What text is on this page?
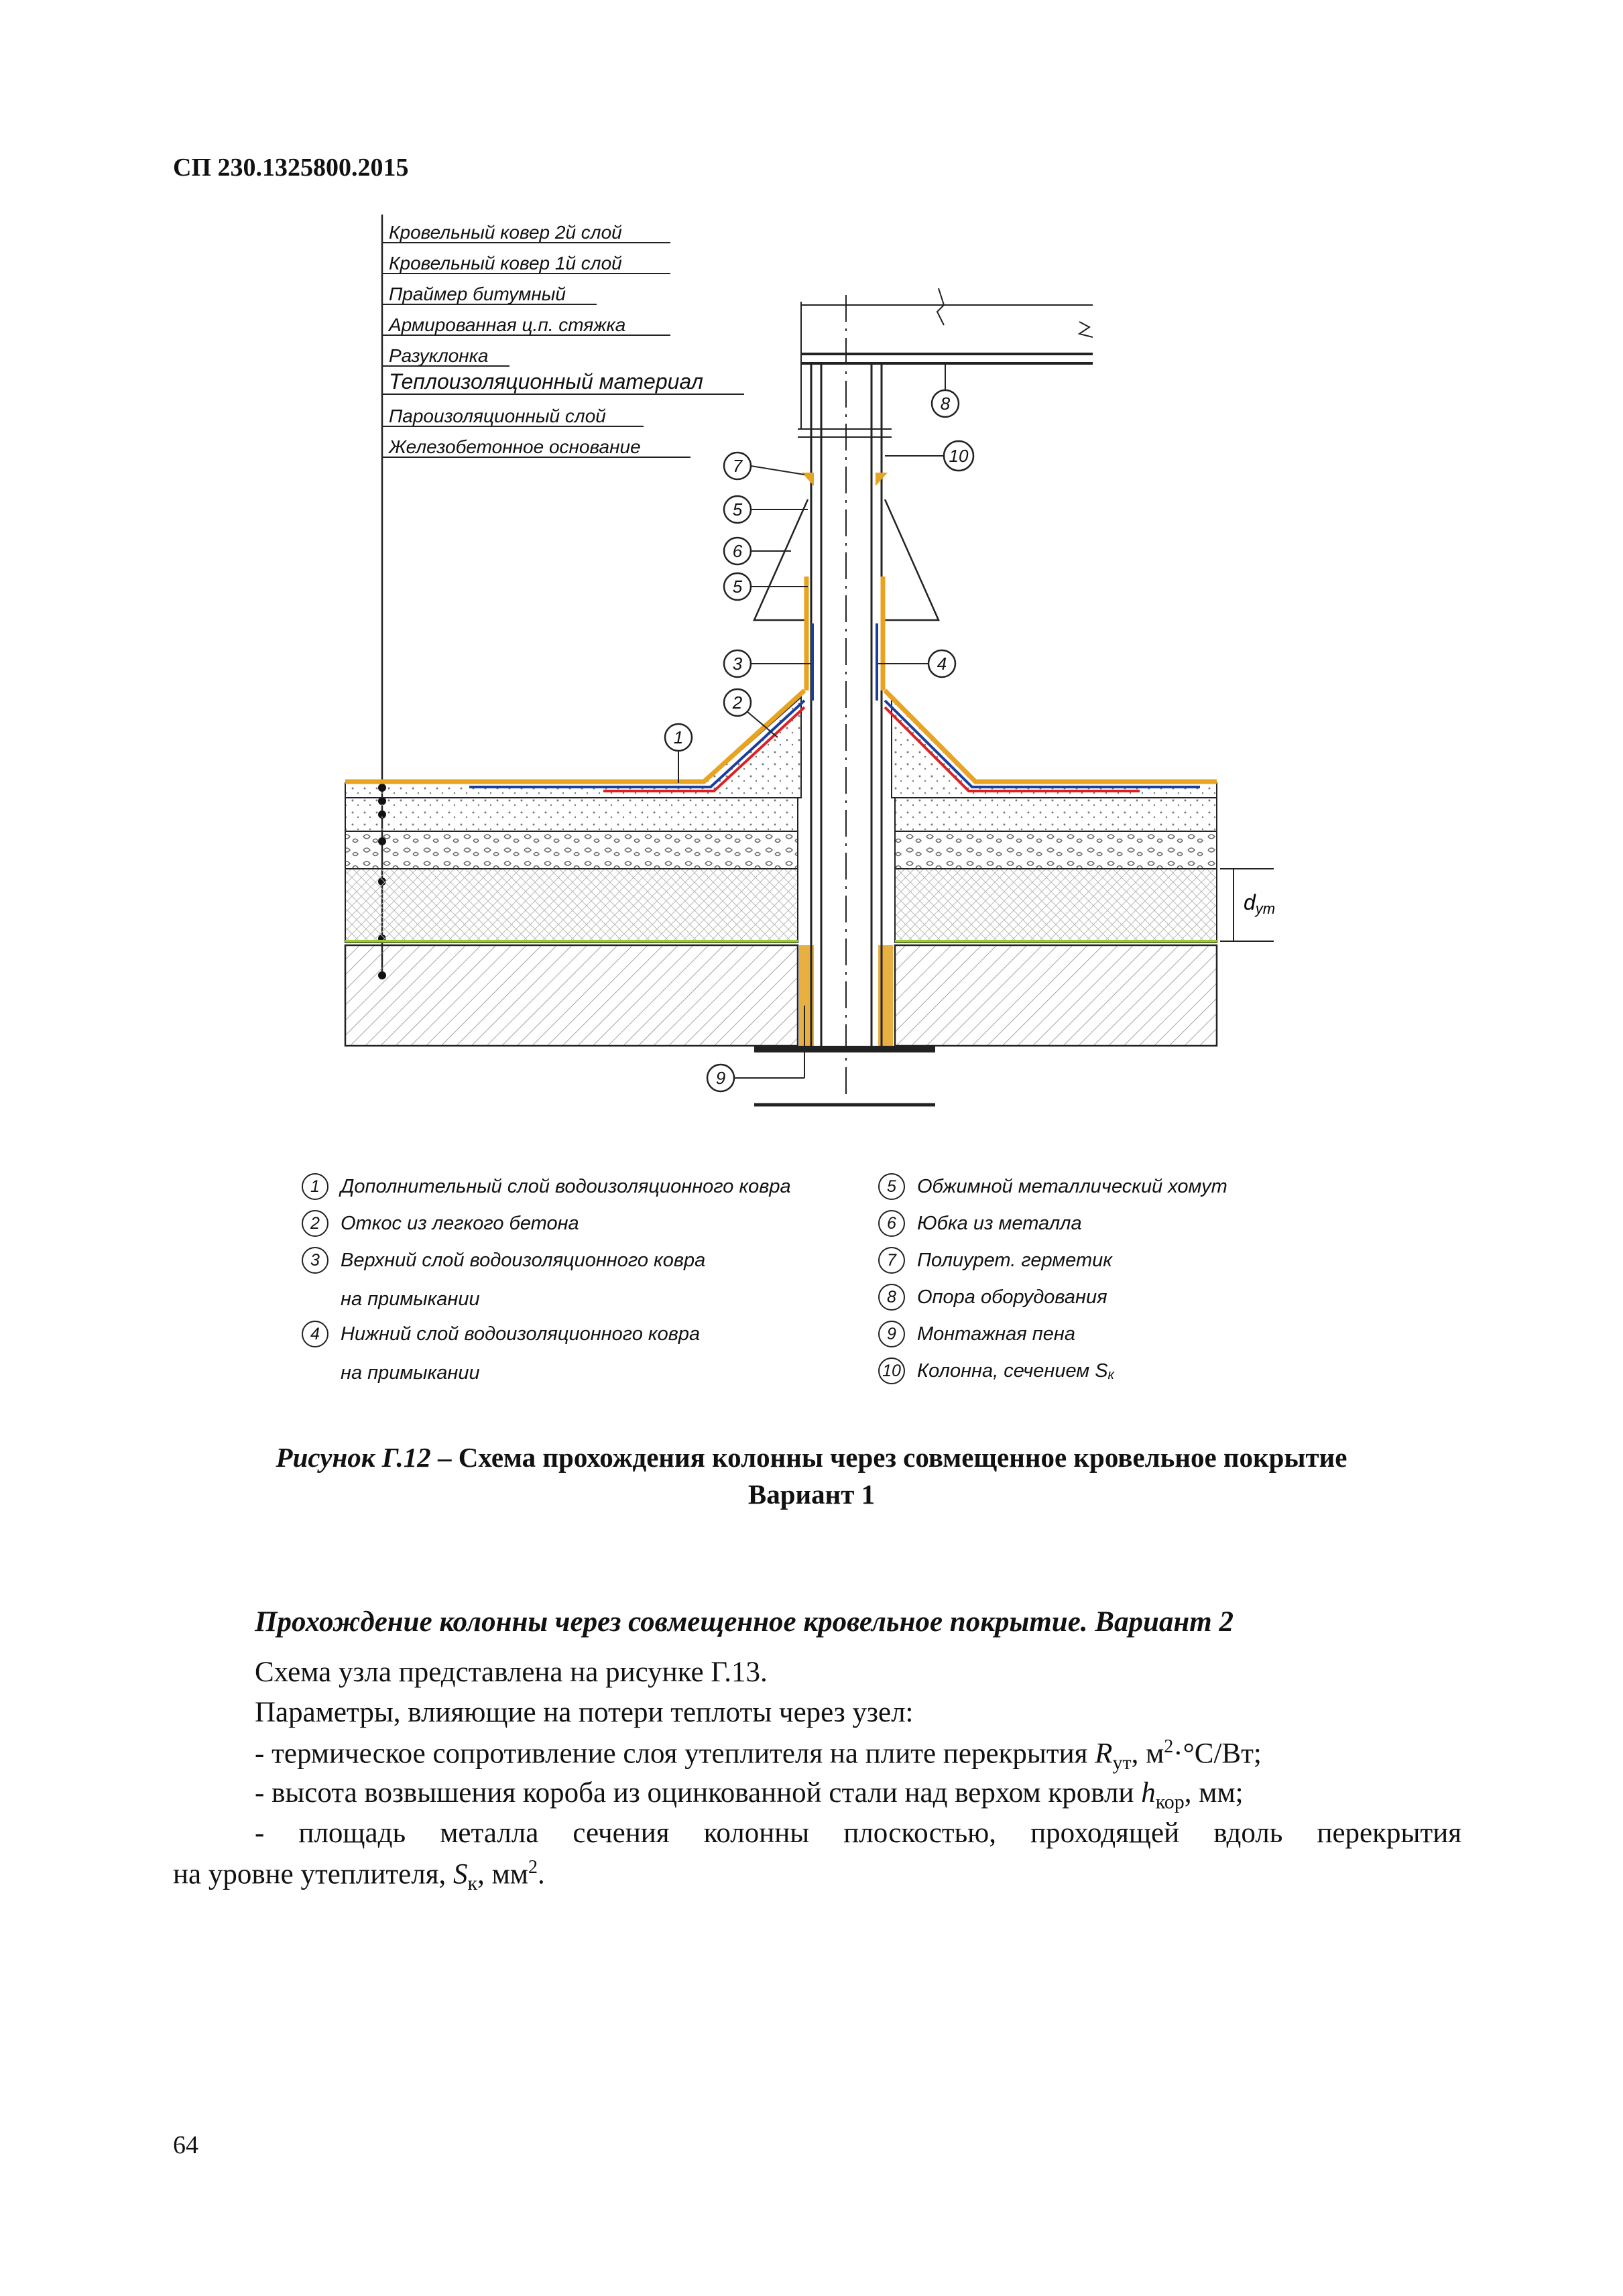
СП 230.1325800.2015
Кровельный ковер 2й слой
Кровельный ковер 1й слой
Праймер битумный
Армированная ц.п. стяжка
Разуклонка
Теплоизоляционный материал
Пароизоляционный слой
Железобетонное основание
dут
1
2
3	4
5
6
5
7
8
9
10
1	Дополнительный слой водоизоляционного ковра
2	Откос из легкого бетона
3	Верхний слой водоизоляционного ковра
на примыкании
4	Нижний слой водоизоляционного ковра
на примыкании
5	Обжимной металлический хомут
6	Юбка из металла
7	Полиурет. герметик
8	Опора оборудования
9	Монтажная пена
10 Колонна, сечением S к
Рисунок Г.12 – Схема прохождения колонны через совмещенное кровельное покрытие
Вариант 1
Прохождение колонны через совмещенное кровельное покрытие. Вариант 2
Схема узла представлена на рисунке Г.13.
Параметры, влияющие на потери теплоты через узел:
- термическое сопротивление слоя утеплителя на плите перекрытия $R_{ут}$, $м^2\cdot^\circ С/Вт$;
- высота возвышения короба из оцинкованной стали над верхом кровли $h_{кор}$, мм;
- площадь металла сечения колонны плоскостью, проходящей вдоль перекрытия
на уровне утеплителя, $S_к$, $мм^2$.
64
